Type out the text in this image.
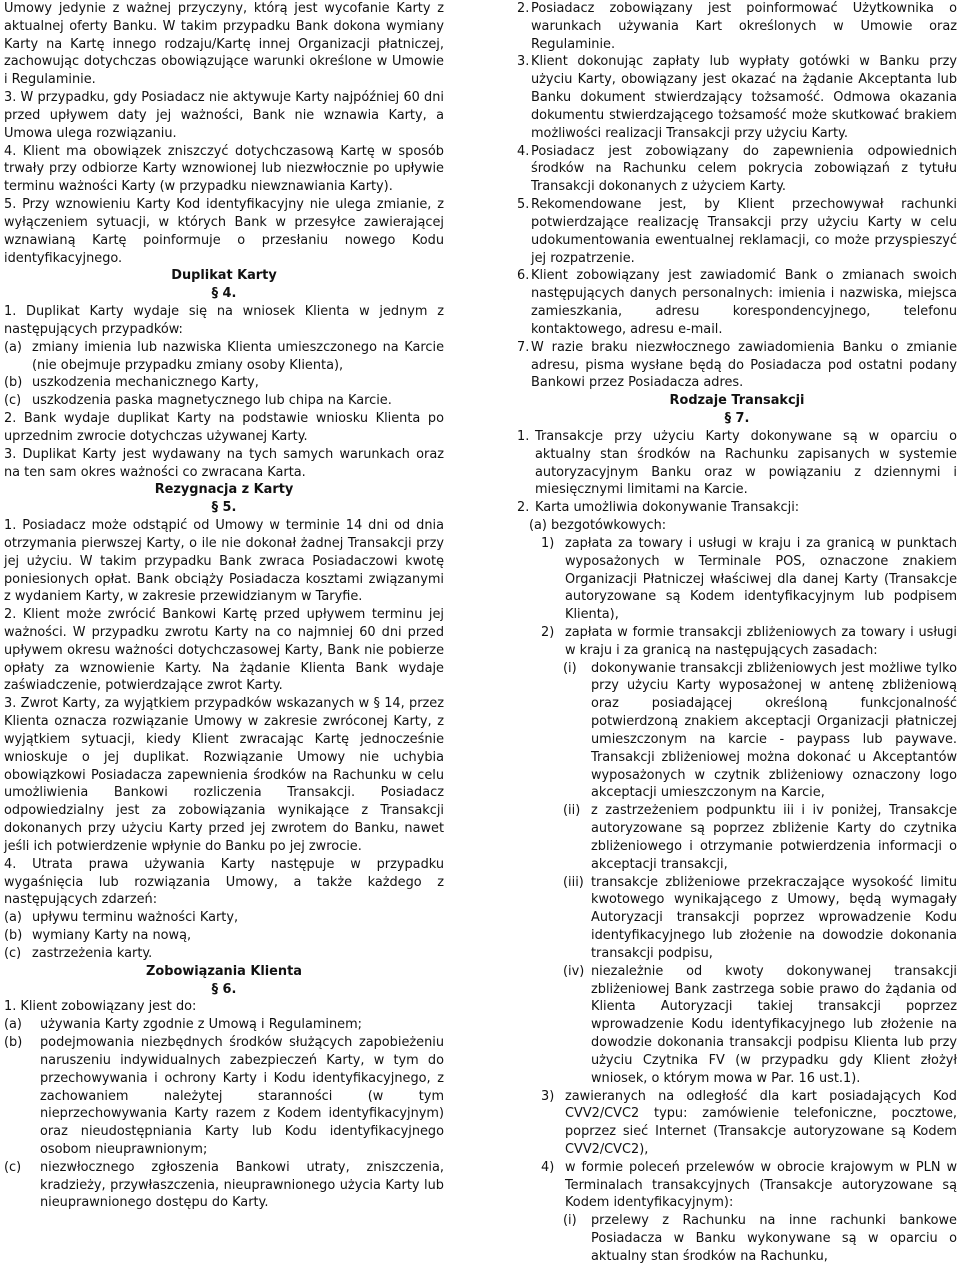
Umowy jedynie z ważnej przyczyny, którą jest wycofanie Karty z aktualnej oferty Banku. W takim przypadku Bank dokona wymiany Karty na Kartę innego rodzaju/Kartę innej Organizacji płatniczej, zachowując dotychczas obowiązujące warunki określone w Umowie i Regulaminie.

3. W przypadku, gdy Posiadacz nie aktywuje Karty najpóźniej 60 dni przed upływem daty jej ważności, Bank nie wznawia Karty, a Umowa ulega rozwiązaniu.

4. Klient ma obowiązek zniszczyć dotychczasową Kartę w sposób trwały przy odbiorze Karty wznowionej lub niezwłocznie po upływie terminu ważności Karty (w przypadku niewznawiania Karty).

5. Przy wznowieniu Karty Kod identyfikacyjny nie ulega zmianie, z wyłączeniem sytuacji, w których Bank w przesyłce zawierającej wznawianą Kartę poinformuje o przesłaniu nowego Kodu identyfikacyjnego.

Duplikat Karty

§ 4.

1. Duplikat Karty wydaje się na wniosek Klienta w jednym z następujących przypadków:

(a) zmiany imienia lub nazwiska Klienta umieszczonego na Karcie (nie obejmuje przypadku zmiany osoby Klienta),
(b) uszkodzenia mechanicznego Karty,
(c) uszkodzenia paska magnetycznego lub chipa na Karcie.

2. Bank wydaje duplikat Karty na podstawie wniosku Klienta po uprzednim zwrocie dotychczas używanej Karty.

3. Duplikat Karty jest wydawany na tych samych warunkach oraz na ten sam okres ważności co zwracana Karta.

Rezygnacja z Karty

§ 5.

1. Posiadacz może odstąpić od Umowy w terminie 14 dni od dnia otrzymania pierwszej Karty, o ile nie dokonał żadnej Transakcji przy jej użyciu. W takim przypadku Bank zwraca Posiadaczowi kwotę poniesionych opłat. Bank obciąży Posiadacza kosztami związanymi z wydaniem Karty, w zakresie przewidzianym w Taryfie.

2. Klient może zwrócić Bankowi Kartę przed upływem terminu jej ważności. W przypadku zwrotu Karty na co najmniej 60 dni przed upływem okresu ważności dotychczasowej Karty, Bank nie pobierze opłaty za wznowienie Karty. Na żądanie Klienta Bank wydaje zaświadczenie, potwierdzające zwrot Karty.

3. Zwrot Karty, za wyjątkiem przypadków wskazanych w § 14, przez Klienta oznacza rozwiązanie Umowy w zakresie zwróconej Karty, z wyjątkiem sytuacji, kiedy Klient zwracając Kartę jednocześnie wnioskuje o jej duplikat. Rozwiązanie Umowy nie uchybia obowiązkowi Posiadacza zapewnienia środków na Rachunku w celu umożliwienia Bankowi rozliczenia Transakcji. Posiadacz odpowiedzialny jest za zobowiązania wynikające z Transakcji dokonanych przy użyciu Karty przed jej zwrotem do Banku, nawet jeśli ich potwierdzenie wpłynie do Banku po jej zwrocie.

4. Utrata prawa używania Karty następuje w przypadku wygaśnięcia lub rozwiązania Umowy, a także każdego z następujących zdarzeń:

(a) upływu terminu ważności Karty,
(b) wymiany Karty na nową,
(c) zastrzeżenia karty.

Zobowiązania Klienta

§ 6.

1. Klient zobowiązany jest do:

(a)	używania Karty zgodnie z Umową i Regulaminem;
(b)	podejmowania niezbędnych środków służących zapobieżeniu naruszeniu indywidualnych zabezpieczeń Karty, w tym do przechowywania i ochrony Karty i Kodu identyfikacyjnego, z zachowaniem należytej staranności (w tym nieprzechowywania Karty razem z Kodem identyfikacyjnym) oraz nieudostępniania Karty lub Kodu identyfikacyjnego osobom nieuprawnionym;
(c)	niezwłocznego zgłoszenia Bankowi utraty, zniszczenia, kradzieży, przywłaszczenia, nieuprawnionego użycia Karty lub nieuprawnionego dostępu do Karty.
2. Posiadacz zobowiązany jest poinformować Użytkownika o warunkach używania Kart określonych w Umowie oraz Regulaminie.
3. Klient dokonując zapłaty lub wypłaty gotówki w Banku przy użyciu Karty, obowiązany jest okazać na żądanie Akceptanta lub Banku dokument stwierdzający tożsamość. Odmowa okazania dokumentu stwierdzającego tożsamość może skutkować brakiem możliwości realizacji Transakcji przy użyciu Karty.
4. Posiadacz jest zobowiązany do zapewnienia odpowiednich środków na Rachunku celem pokrycia zobowiązań z tytułu Transakcji dokonanych z użyciem Karty.
5. Rekomendowane jest, by Klient przechowywał rachunki potwierdzające realizację Transakcji przy użyciu Karty w celu udokumentowania ewentualnej reklamacji, co może przyspieszyć jej rozpatrzenie.
6. Klient zobowiązany jest zawiadomić Bank o zmianach swoich następujących danych personalnych: imienia i nazwiska, miejsca zamieszkania, adresu korespondencyjnego, telefonu kontaktowego, adresu e-mail.
7. W razie braku niezwłocznego zawiadomienia Banku o zmianie adresu, pisma wysłane będą do Posiadacza pod ostatni podany Bankowi przez Posiadacza adres.

Rodzaje Transakcji

§ 7.

1. Transakcje przy użyciu Karty dokonywane są w oparciu o aktualny stan środków na Rachunku zapisanych w systemie autoryzacyjnym Banku oraz w powiązaniu z dziennymi i miesięcznymi limitami na Karcie.
2. Karta umożliwia dokonywanie Transakcji:
(a) bezgotówkowych:
1) zapłata za towary i usługi w kraju i za granicą w punktach wyposażonych w Terminale POS, oznaczone znakiem Organizacji Płatniczej właściwej dla danej Karty (Transakcje autoryzowane są Kodem identyfikacyjnym lub podpisem Klienta),
2) zapłata w formie transakcji zbliżeniowych za towary i usługi w kraju i za granicą na następujących zasadach:
(i)	dokonywanie transakcji zbliżeniowych jest możliwe tylko przy użyciu Karty wyposażonej w antenę zbliżeniową oraz posiadającej określoną funkcjonalność potwierdzoną znakiem akceptacji Organizacji płatniczej umieszczonym na karcie - paypass lub paywave. Transakcji zbliżeniowej można dokonać u Akceptantów wyposażonych w czytnik zbliżeniowy oznaczony logo akceptacji umieszczonym na Karcie,
(ii) z zastrzeżeniem podpunktu iii i iv poniżej, Transakcje autoryzowane są poprzez zbliżenie Karty do czytnika zbliżeniowego i otrzymanie potwierdzenia informacji o akceptacji transakcji,
(iii) transakcje zbliżeniowe przekraczające wysokość limitu kwotowego wynikającego z Umowy, będą wymagały Autoryzacji transakcji poprzez wprowadzenie Kodu identyfikacyjnego lub złożenie na dowodzie dokonania transakcji podpisu,
(iv) niezależnie od kwoty dokonywanej transakcji zbliżeniowej Bank zastrzega sobie prawo do żądania od Klienta Autoryzacji takiej transakcji poprzez wprowadzenie Kodu identyfikacyjnego lub złożenie na dowodzie dokonania transakcji podpisu Klienta lub przy użyciu Czytnika FV (w przypadku gdy Klient złożył wniosek, o którym mowa w Par. 16 ust.1).
3) zawieranych na odległość dla kart posiadających Kod CVV2/CVC2 typu: zamówienie telefoniczne, pocztowe, poprzez sieć Internet (Transakcje autoryzowane są Kodem CVV2/CVC2),
4) w formie poleceń przelewów w obrocie krajowym w PLN w Terminalach transakcyjnych (Transakcje autoryzowane są Kodem identyfikacyjnym):
(i)	przelewy z Rachunku na inne rachunki bankowe Posiadacza w Banku wykonywane są w oparciu o aktualny stan środków na Rachunku,
